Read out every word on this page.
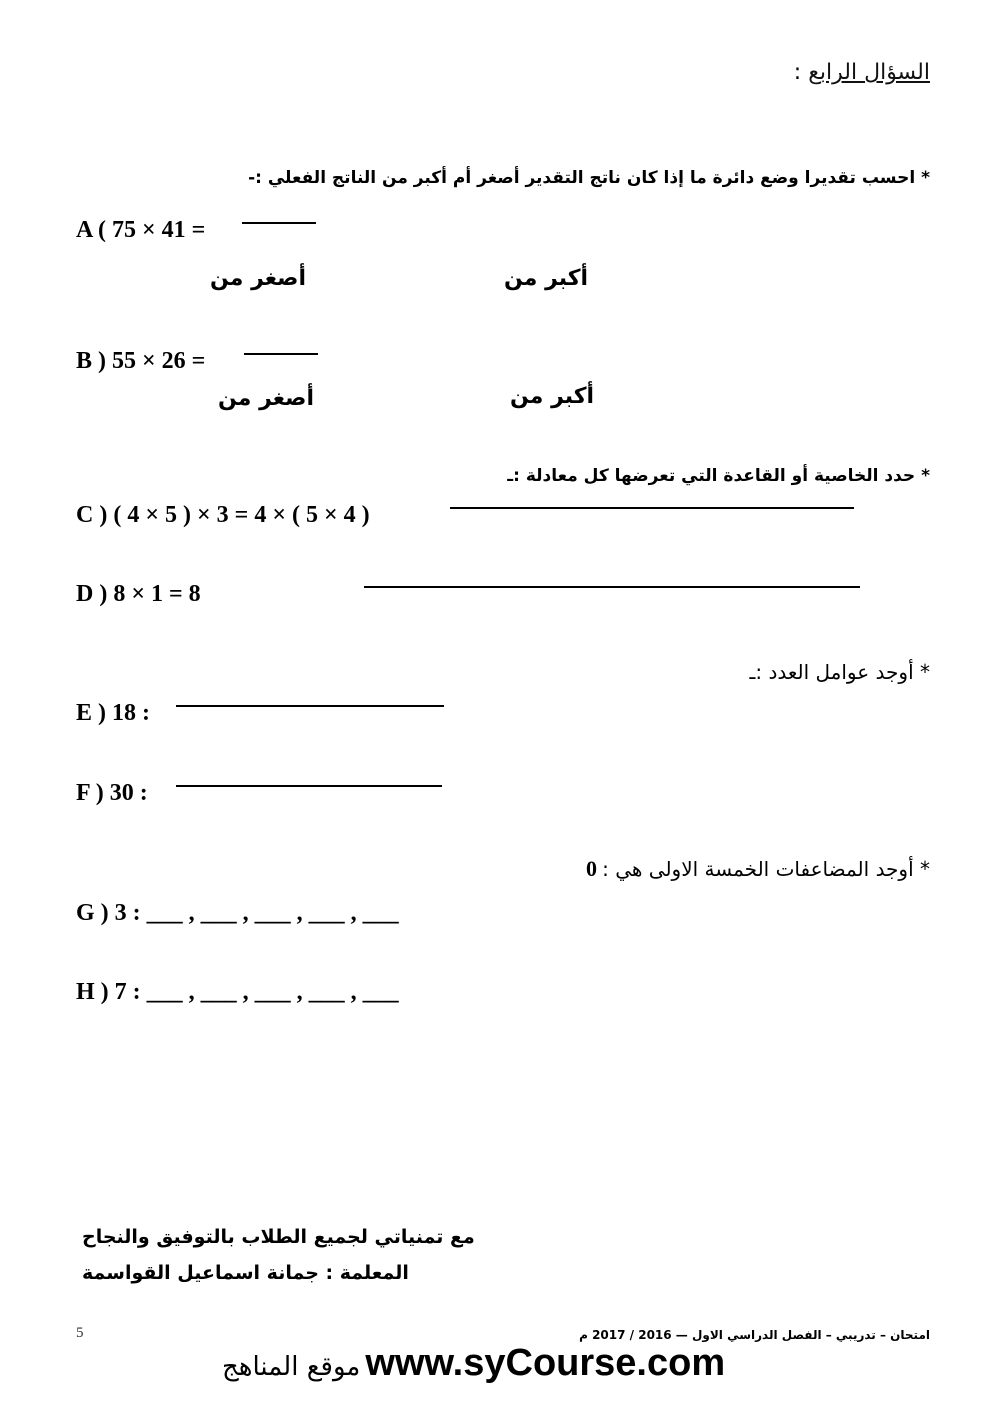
السؤال الرابع :
* احسب تقديرا وضع دائرة ما إذا كان ناتج التقدير أصغر أم أكبر من الناتج الفعلي :-
A ( 75 × 41 =
أكبر من
أصغر من
B ) 55 × 26 =
أكبر من
أصغر من
* حدد الخاصية أو القاعدة التي تعرضها كل معادلة :ـ
C ) ( 4 × 5 ) × 3 = 4 × ( 5 × 4 )
D ) 8 × 1 = 8
* أوجد عوامل العدد :ـ
E ) 18 :
F ) 30 :
* أوجد المضاعفات الخمسة الاولى هي : 0
G ) 3 : ___ , ___ , ___ , ___ , ___
H ) 7 : ___ , ___ , ___ , ___ , ___
مع تمنياتي لجميع الطلاب بالتوفيق والنجاح
المعلمة : جمانة اسماعيل القواسمة
امتحان – تدريبي – الفصل الدراسي الاول — 2016 / 2017 م
5
موقع المناهج www.syCourse.com
